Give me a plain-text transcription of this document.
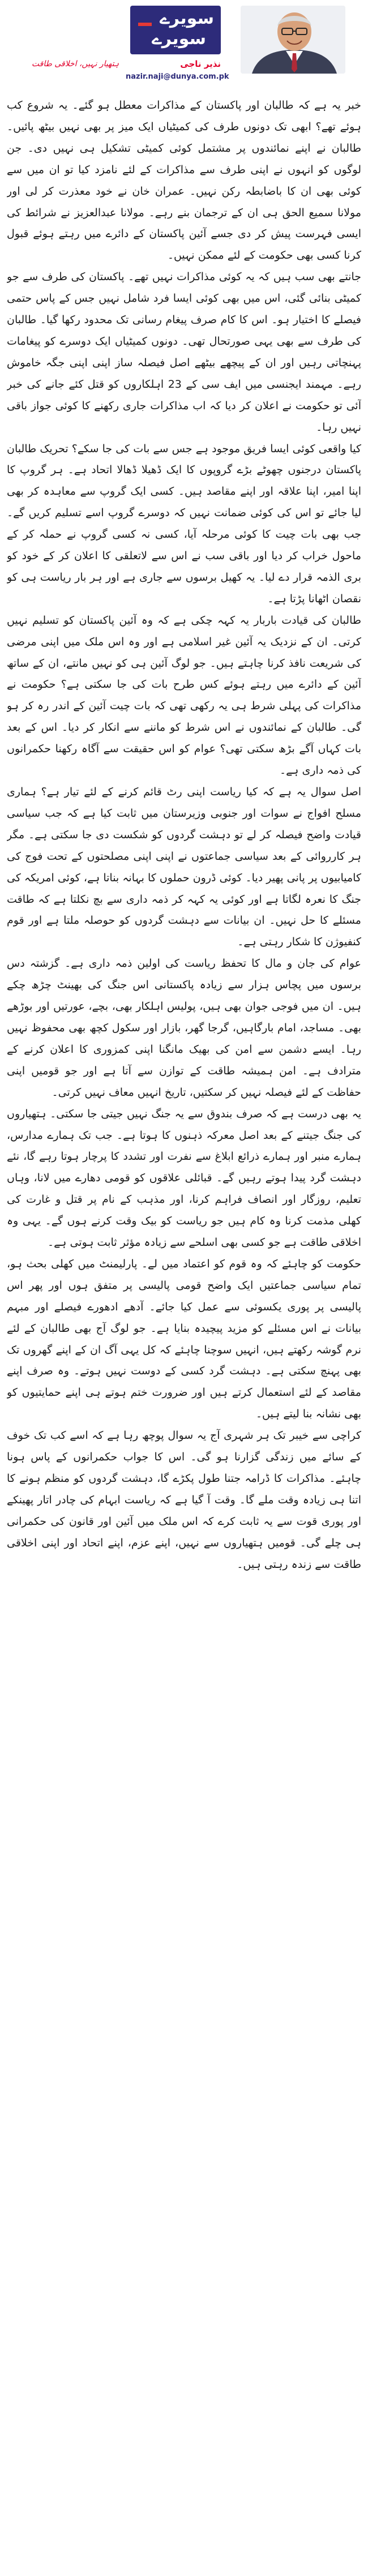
سویرے
سویرے
نذیر ناجی
nazir.naji@dunya.com.pk
ہتھیار نہیں، اخلاقی طاقت

خبر یہ ہے کہ طالبان اور پاکستان کے مذاکرات معطل ہو گئے۔ یہ شروع کب ہوئے تھے؟ ابھی تک دونوں طرف کی کمیٹیاں ایک میز پر بھی نہیں بیٹھ پائیں۔ طالبان نے اپنے نمائندوں پر مشتمل کوئی کمیٹی تشکیل ہی نہیں دی۔ جن لوگوں کو انہوں نے اپنی طرف سے مذاکرات کے لئے نامزد کیا تو ان میں سے کوئی بھی ان کا باضابطہ رکن نہیں۔ عمران خان نے خود معذرت کر لی اور مولانا سمیع الحق ہی ان کے ترجمان بنے رہے۔ مولانا عبدالعزیز نے شرائط کی ایسی فہرست پیش کر دی جسے آئین پاکستان کے دائرے میں رہتے ہوئے قبول کرنا کسی بھی حکومت کے لئے ممکن نہیں۔

جانتے بھی سب ہیں کہ یہ کوئی مذاکرات نہیں تھے۔ پاکستان کی طرف سے جو کمیٹی بنائی گئی، اس میں بھی کوئی ایسا فرد شامل نہیں جس کے پاس حتمی فیصلے کا اختیار ہو۔ اس کا کام صرف پیغام رسانی تک محدود رکھا گیا۔ طالبان کی طرف سے بھی یہی صورتحال تھی۔ دونوں کمیٹیاں ایک دوسرے کو پیغامات پہنچاتی رہیں اور ان کے پیچھے بیٹھے اصل فیصلہ ساز اپنی اپنی جگہ خاموش رہے۔ مہمند ایجنسی میں ایف سی کے 23 اہلکاروں کو قتل کئے جانے کی خبر آئی تو حکومت نے اعلان کر دیا کہ اب مذاکرات جاری رکھنے کا کوئی جواز باقی نہیں رہا۔

کیا واقعی کوئی ایسا فریق موجود ہے جس سے بات کی جا سکے؟ تحریک طالبان پاکستان درجنوں چھوٹے بڑے گروپوں کا ایک ڈھیلا ڈھالا اتحاد ہے۔ ہر گروپ کا اپنا امیر، اپنا علاقہ اور اپنے مقاصد ہیں۔ کسی ایک گروپ سے معاہدہ کر بھی لیا جائے تو اس کی کوئی ضمانت نہیں کہ دوسرے گروپ اسے تسلیم کریں گے۔ جب بھی بات چیت کا کوئی مرحلہ آیا، کسی نہ کسی گروپ نے حملہ کر کے ماحول خراب کر دیا اور باقی سب نے اس سے لاتعلقی کا اعلان کر کے خود کو بری الذمہ قرار دے لیا۔ یہ کھیل برسوں سے جاری ہے اور ہر بار ریاست ہی کو نقصان اٹھانا پڑتا ہے۔

طالبان کی قیادت باربار یہ کہہ چکی ہے کہ وہ آئین پاکستان کو تسلیم نہیں کرتی۔ ان کے نزدیک یہ آئین غیر اسلامی ہے اور وہ اس ملک میں اپنی مرضی کی شریعت نافذ کرنا چاہتے ہیں۔ جو لوگ آئین ہی کو نہیں مانتے، ان کے ساتھ آئین کے دائرے میں رہتے ہوئے کس طرح بات کی جا سکتی ہے؟ حکومت نے مذاکرات کی پہلی شرط ہی یہ رکھی تھی کہ بات چیت آئین کے اندر رہ کر ہو گی۔ طالبان کے نمائندوں نے اس شرط کو ماننے سے انکار کر دیا۔ اس کے بعد بات کہاں آگے بڑھ سکتی تھی؟ عوام کو اس حقیقت سے آگاہ رکھنا حکمرانوں کی ذمہ داری ہے۔

اصل سوال یہ ہے کہ کیا ریاست اپنی رٹ قائم کرنے کے لئے تیار ہے؟ ہماری مسلح افواج نے سوات اور جنوبی وزیرستان میں ثابت کیا ہے کہ جب سیاسی قیادت واضح فیصلہ کر لے تو دہشت گردوں کو شکست دی جا سکتی ہے۔ مگر ہر کارروائی کے بعد سیاسی جماعتوں نے اپنی اپنی مصلحتوں کے تحت فوج کی کامیابیوں پر پانی پھیر دیا۔ کوئی ڈرون حملوں کا بہانہ بناتا ہے، کوئی امریکہ کی جنگ کا نعرہ لگاتا ہے اور کوئی یہ کہہ کر ذمہ داری سے بچ نکلتا ہے کہ طاقت مسئلے کا حل نہیں۔ ان بیانات سے دہشت گردوں کو حوصلہ ملتا ہے اور قوم کنفیوژن کا شکار رہتی ہے۔

عوام کی جان و مال کا تحفظ ریاست کی اولین ذمہ داری ہے۔ گزشتہ دس برسوں میں پچاس ہزار سے زیادہ پاکستانی اس جنگ کی بھینٹ چڑھ چکے ہیں۔ ان میں فوجی جوان بھی ہیں، پولیس اہلکار بھی، بچے، عورتیں اور بوڑھے بھی۔ مساجد، امام بارگاہیں، گرجا گھر، بازار اور سکول کچھ بھی محفوظ نہیں رہا۔ ایسے دشمن سے امن کی بھیک مانگنا اپنی کمزوری کا اعلان کرنے کے مترادف ہے۔ امن ہمیشہ طاقت کے توازن سے آتا ہے اور جو قومیں اپنی حفاظت کے لئے فیصلہ نہیں کر سکتیں، تاریخ انہیں معاف نہیں کرتی۔

یہ بھی درست ہے کہ صرف بندوق سے یہ جنگ نہیں جیتی جا سکتی۔ ہتھیاروں کی جنگ جیتنے کے بعد اصل معرکہ ذہنوں کا ہوتا ہے۔ جب تک ہمارے مدارس، ہمارے منبر اور ہمارے ذرائع ابلاغ سے نفرت اور تشدد کا پرچار ہوتا رہے گا، نئے دہشت گرد پیدا ہوتے رہیں گے۔ قبائلی علاقوں کو قومی دھارے میں لانا، وہاں تعلیم، روزگار اور انصاف فراہم کرنا، اور مذہب کے نام پر قتل و غارت کی کھلی مذمت کرنا وہ کام ہیں جو ریاست کو بیک وقت کرنے ہوں گے۔ یہی وہ اخلاقی طاقت ہے جو کسی بھی اسلحے سے زیادہ مؤثر ثابت ہوتی ہے۔

حکومت کو چاہئے کہ وہ قوم کو اعتماد میں لے۔ پارلیمنٹ میں کھلی بحث ہو، تمام سیاسی جماعتیں ایک واضح قومی پالیسی پر متفق ہوں اور پھر اس پالیسی پر پوری یکسوئی سے عمل کیا جائے۔ آدھے ادھورے فیصلے اور مبہم بیانات نے اس مسئلے کو مزید پیچیدہ بنایا ہے۔ جو لوگ آج بھی طالبان کے لئے نرم گوشہ رکھتے ہیں، انہیں سوچنا چاہئے کہ کل یہی آگ ان کے اپنے گھروں تک بھی پہنچ سکتی ہے۔ دہشت گرد کسی کے دوست نہیں ہوتے۔ وہ صرف اپنے مقاصد کے لئے استعمال کرتے ہیں اور ضرورت ختم ہوتے ہی اپنے حمایتیوں کو بھی نشانہ بنا لیتے ہیں۔

کراچی سے خیبر تک ہر شہری آج یہ سوال پوچھ رہا ہے کہ اسے کب تک خوف کے سائے میں زندگی گزارنا ہو گی۔ اس کا جواب حکمرانوں کے پاس ہونا چاہئے۔ مذاکرات کا ڈرامہ جتنا طول پکڑے گا، دہشت گردوں کو منظم ہونے کا اتنا ہی زیادہ وقت ملے گا۔ وقت آ گیا ہے کہ ریاست ابہام کی چادر اتار پھینکے اور پوری قوت سے یہ ثابت کرے کہ اس ملک میں آئین اور قانون کی حکمرانی ہی چلے گی۔ قومیں ہتھیاروں سے نہیں، اپنے عزم، اپنے اتحاد اور اپنی اخلاقی طاقت سے زندہ رہتی ہیں۔
